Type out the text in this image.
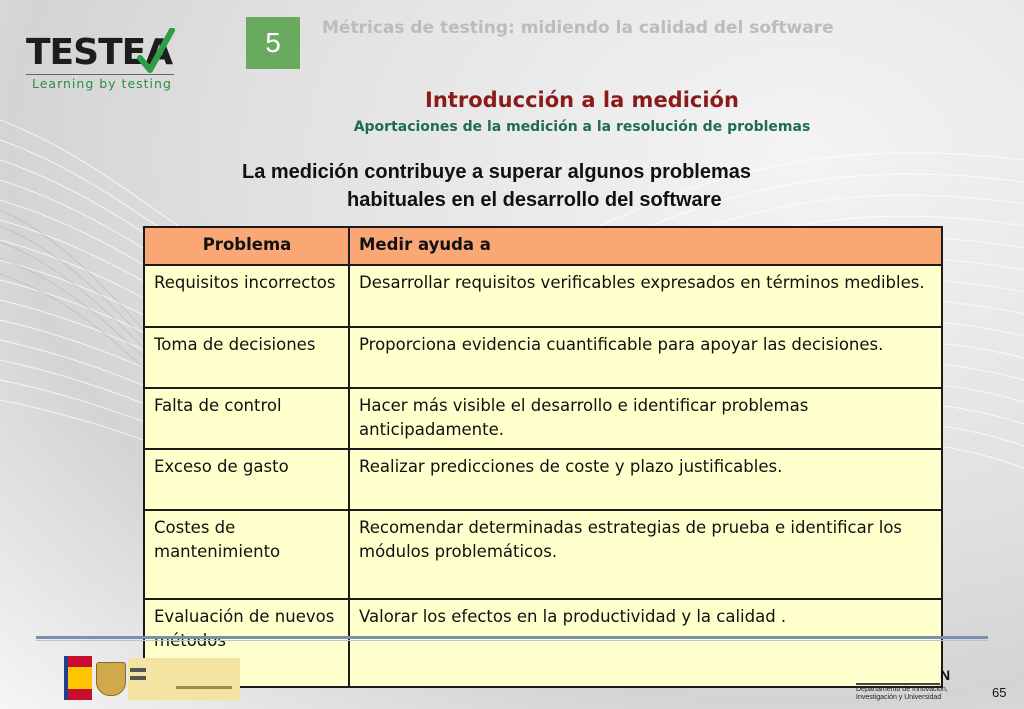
TESTEA
Learning by testing
5	Métricas de testing: midiendo la calidad del software
Introducción a la medición
Aportaciones de la medición a la resolución de problemas
La medición contribuye a superar algunos problemas
habituales en el desarrollo del software
Problema	Medir ayuda a
Requisitos incorrectos	Desarrollar requisitos verificables expresados en términos medibles.
Toma de decisiones	Proporciona evidencia cuantificable para apoyar las decisiones.
Falta de control	Hacer más visible el desarrollo e identificar problemas anticipadamente.
Exceso de gasto	Realizar predicciones de coste y plazo justificables.
Costes de mantenimiento	Recomendar determinadas estrategias de prueba e identificar los módulos problemáticos.
Evaluación de nuevos	Valorar los efectos en la productividad y la calidad .
N
Departamento de Innovación, Investigación y Universidad	65
